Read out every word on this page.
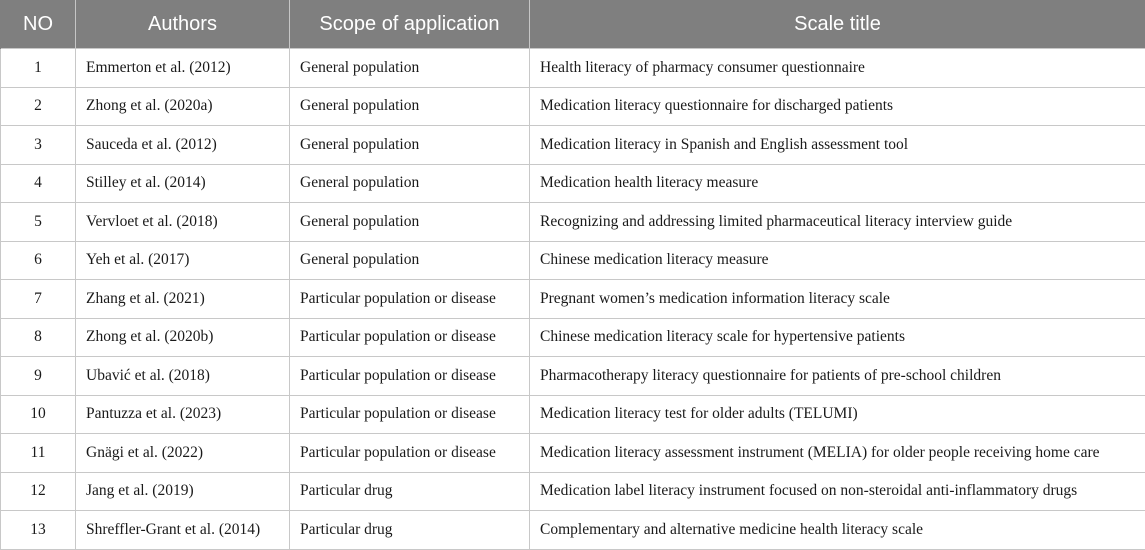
NO	Authors	Scope of application	Scale title
1	Emmerton et al. (2012)	General population	Health literacy of pharmacy consumer questionnaire
2	Zhong et al. (2020a)	General population	Medication literacy questionnaire for discharged patients
3	Sauceda et al. (2012)	General population	Medication literacy in Spanish and English assessment tool
4	Stilley et al. (2014)	General population	Medication health literacy measure
5	Vervloet et al. (2018)	General population	Recognizing and addressing limited pharmaceutical literacy interview guide
6	Yeh et al. (2017)	General population	Chinese medication literacy measure
7	Zhang et al. (2021)	Particular population or disease	Pregnant women’s medication information literacy scale
8	Zhong et al. (2020b)	Particular population or disease	Chinese medication literacy scale for hypertensive patients
9	Ubavić et al. (2018)	Particular population or disease	Pharmacotherapy literacy questionnaire for patients of pre-school children
10	Pantuzza et al. (2023)	Particular population or disease	Medication literacy test for older adults (TELUMI)
11	Gnägi et al. (2022)	Particular population or disease	Medication literacy assessment instrument (MELIA) for older people receiving home care
12	Jang et al. (2019)	Particular drug	Medication label literacy instrument focused on non-steroidal anti-inflammatory drugs
13	Shreffler-Grant et al. (2014)	Particular drug	Complementary and alternative medicine health literacy scale
